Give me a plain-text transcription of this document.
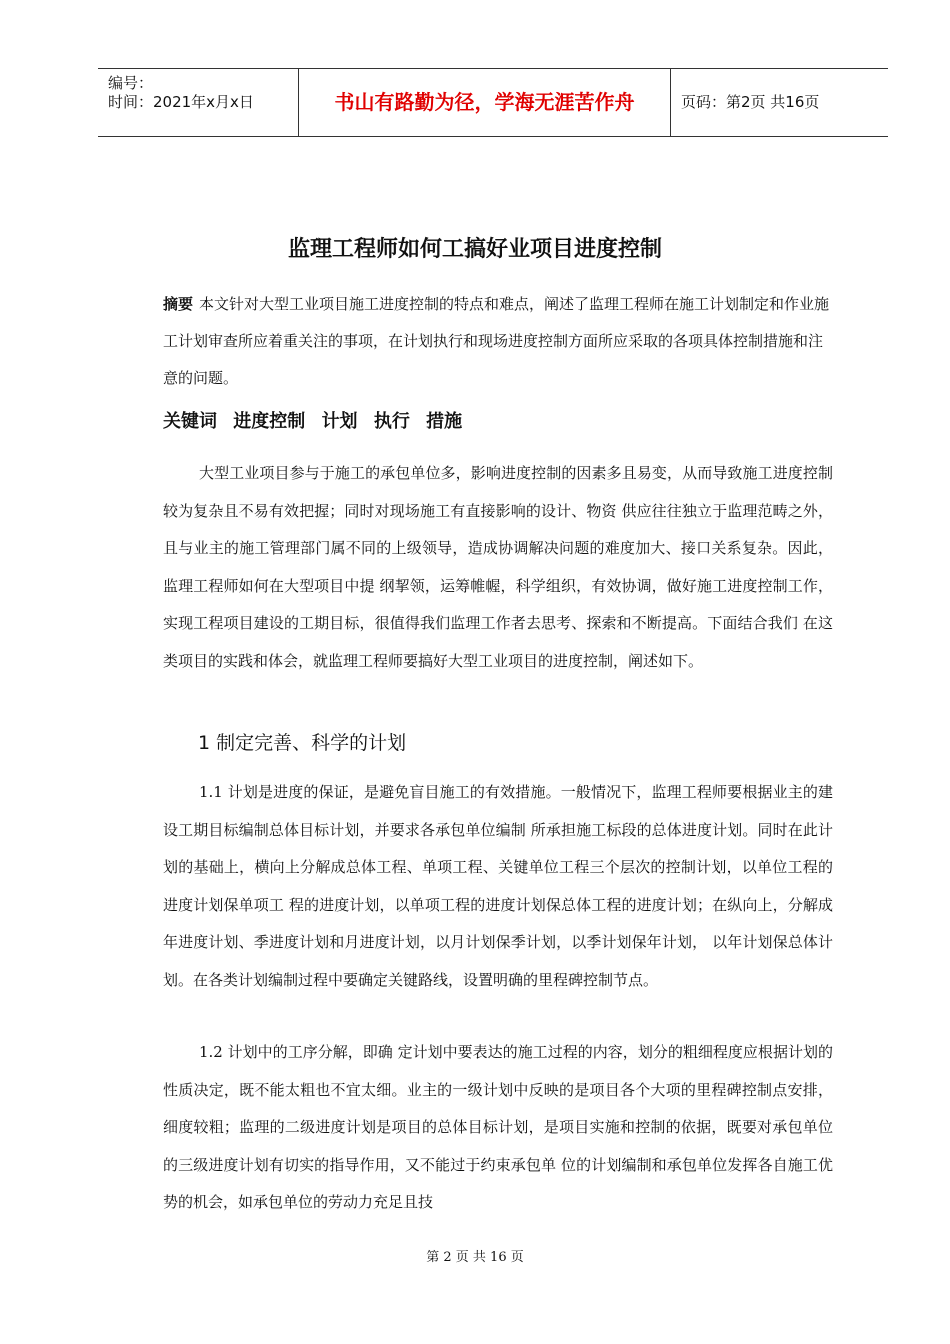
编号：
时间：2021年x月x日	书山有路勤为径，学海无涯苦作舟	页码：第2页 共16页
监理工程师如何工搞好业项目进度控制
摘要 本文针对大型工业项目施工进度控制的特点和难点，阐述了监理工程师在施工计划制定和作业施工计划审查所应着重关注的事项，在计划执行和现场进度控制方面所应采取的各项具体控制措施和注意的问题。
关键词 进度控制 计划 执行 措施
大型工业项目参与于施工的承包单位多，影响进度控制的因素多且易变，从而导致施工进度控制较为复杂且不易有效把握；同时对现场施工有直接影响的设计、物资 供应往往独立于监理范畴之外，且与业主的施工管理部门属不同的上级领导，造成协调解决问题的难度加大、接口关系复杂。因此，监理工程师如何在大型项目中提 纲挈领，运筹帷幄，科学组织，有效协调，做好施工进度控制工作，实现工程项目建设的工期目标，很值得我们监理工作者去思考、探索和不断提高。下面结合我们 在这类项目的实践和体会，就监理工程师要搞好大型工业项目的进度控制，阐述如下。
1 制定完善、科学的计划
1.1 计划是进度的保证，是避免盲目施工的有效措施。一般情况下，监理工程师要根据业主的建设工期目标编制总体目标计划，并要求各承包单位编制 所承担施工标段的总体进度计划。同时在此计划的基础上，横向上分解成总体工程、单项工程、关键单位工程三个层次的控制计划，以单位工程的进度计划保单项工 程的进度计划，以单项工程的进度计划保总体工程的进度计划；在纵向上，分解成年进度计划、季进度计划和月进度计划，以月计划保季计划，以季计划保年计划， 以年计划保总体计划。在各类计划编制过程中要确定关键路线，设置明确的里程碑控制节点。
1.2 计划中的工序分解，即确 定计划中要表达的施工过程的内容，划分的粗细程度应根据计划的性质决定，既不能太粗也不宜太细。业主的一级计划中反映的是项目各个大项的里程碑控制点安排，细度较粗；监理的二级进度计划是项目的总体目标计划，是项目实施和控制的依据，既要对承包单位的三级进度计划有切实的指导作用，又不能过于约束承包单 位的计划编制和承包单位发挥各自施工优势的机会，如承包单位的劳动力充足且技
第 2 页 共 16 页
